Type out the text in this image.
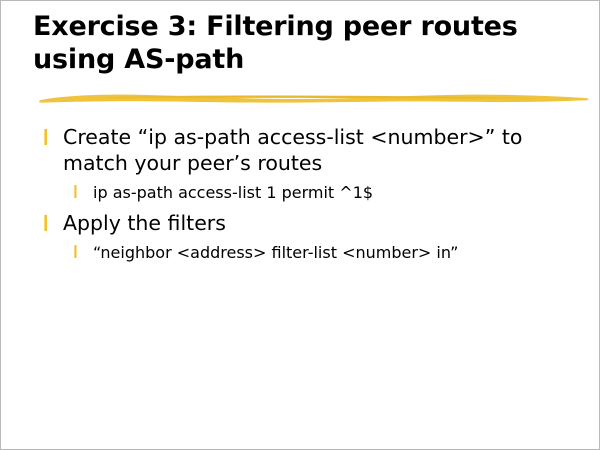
Exercise 3: Filtering peer routes using AS-path
❙ Create “ip as-path access-list <number>” to match your peer’s routes
❙ ip as-path access-list 1 permit ^1$
❙ Apply the filters
❙ “neighbor <address> filter-list <number> in”
